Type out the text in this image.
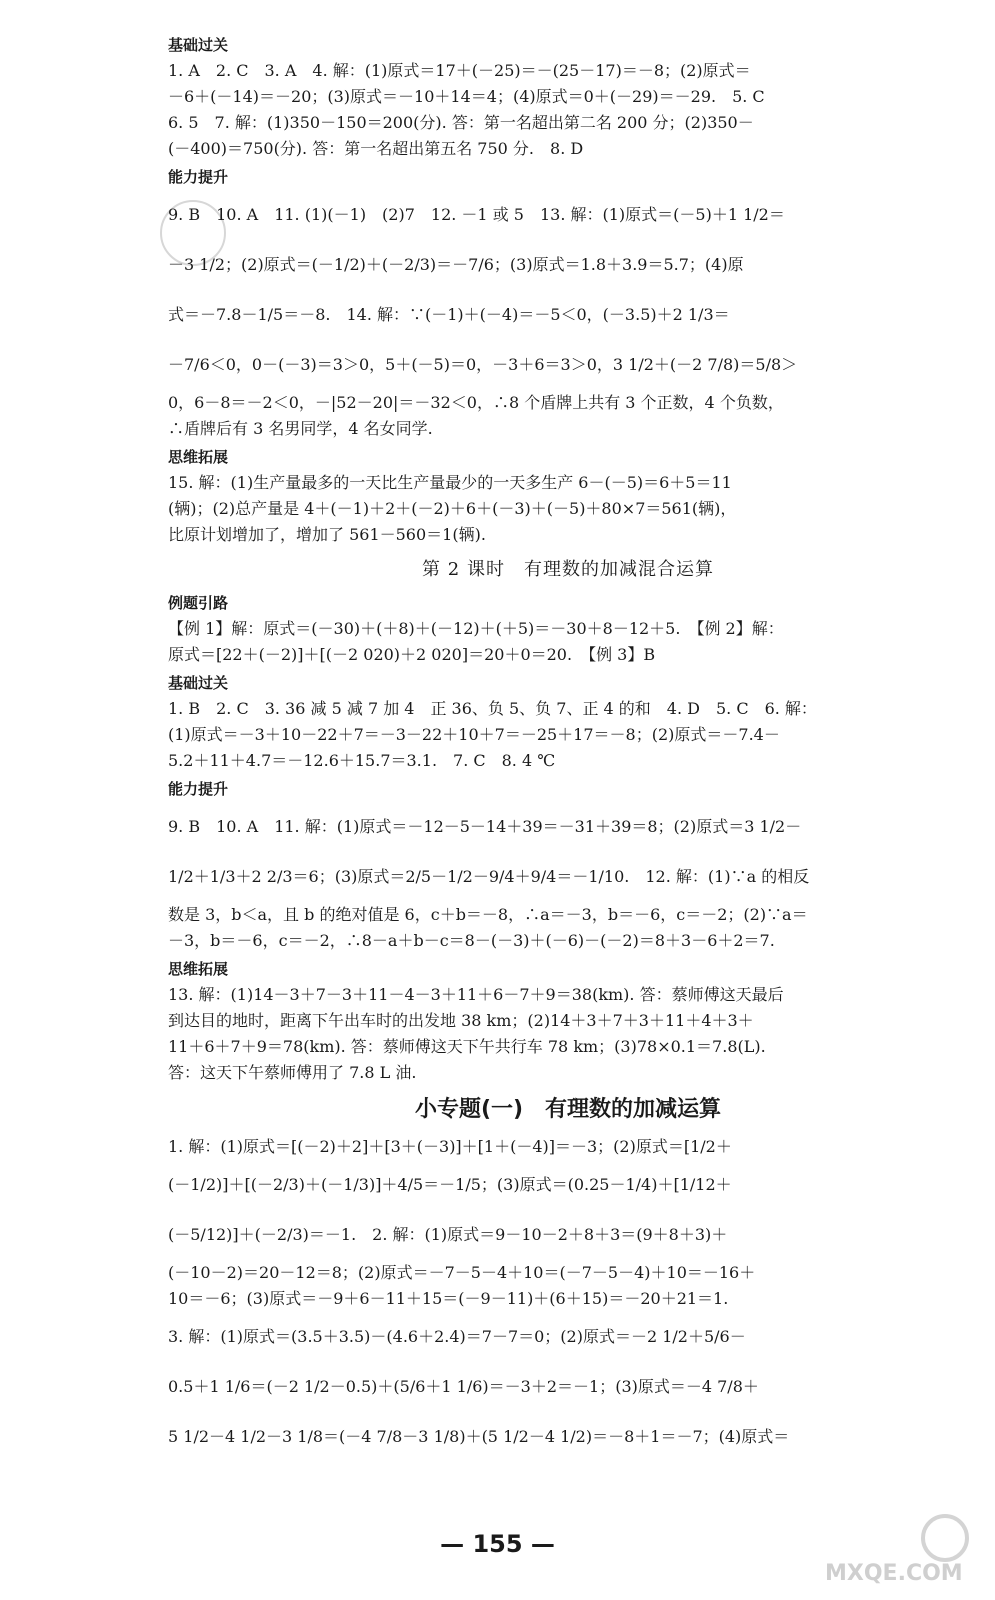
基础过关

1. A　2. C　3. A　4. 解：(1)原式＝17＋(－25)＝－(25－17)＝－8；(2)原式＝

－6＋(－14)＝－20；(3)原式＝－10＋14＝4；(4)原式＝0＋(－29)＝－29.　5. C

6. 5　7. 解：(1)350－150＝200(分). 答：第一名超出第二名 200 分；(2)350－

(－400)＝750(分). 答：第一名超出第五名 750 分.　8. D

能力提升

9. B　10. A　11. (1)(－1)　(2)7　12. －1 或 5　13. 解：(1)原式＝(－5)＋1 1/2＝

－3 1/2；(2)原式＝(－1/2)＋(－2/3)＝－7/6；(3)原式＝1.8＋3.9＝5.7；(4)原

式＝－7.8－1/5＝－8.　14. 解：∵(－1)＋(－4)＝－5＜0，(－3.5)＋2 1/3＝

－7/6＜0，0－(－3)＝3＞0，5＋(－5)＝0，－3＋6＝3＞0，3 1/2＋(－2 7/8)＝5/8＞

0，6－8＝－2＜0，－|52－20|＝－32＜0，∴8 个盾牌上共有 3 个正数，4 个负数，

∴盾牌后有 3 名男同学，4 名女同学.

思维拓展

15. 解：(1)生产量最多的一天比生产量最少的一天多生产 6－(－5)＝6＋5＝11

(辆)；(2)总产量是 4＋(－1)＋2＋(－2)＋6＋(－3)＋(－5)＋80×7＝561(辆)，

比原计划增加了，增加了 561－560＝1(辆).

第 2 课时　有理数的加减混合运算
例题引路

【例 1】解：原式＝(－30)＋(＋8)＋(－12)＋(＋5)＝－30＋8－12＋5.　【例 2】解：

原式＝[22＋(－2)]＋[(－2 020)＋2 020]＝20＋0＝20.　【例 3】B

基础过关

1. B　2. C　3. 36 减 5 减 7 加 4　正 36、负 5、负 7、正 4 的和　4. D　5. C　6. 解：

(1)原式＝－3＋10－22＋7＝－3－22＋10＋7＝－25＋17＝－8；(2)原式＝－7.4－

5.2＋11＋4.7＝－12.6＋15.7＝3.1.　7. C　8. 4 ℃

能力提升

9. B　10. A　11. 解：(1)原式＝－12－5－14＋39＝－31＋39＝8；(2)原式＝3 1/2－

1/2＋1/3＋2 2/3＝6；(3)原式＝2/5－1/2－9/4＋9/4＝－1/10.　12. 解：(1)∵a 的相反

数是 3，b＜a，且 b 的绝对值是 6，c＋b＝－8，∴a＝－3，b＝－6，c＝－2；(2)∵a＝

－3，b＝－6，c＝－2，∴8－a＋b－c＝8－(－3)＋(－6)－(－2)＝8＋3－6＋2＝7.

思维拓展

13. 解：(1)14－3＋7－3＋11－4－3＋11＋6－7＋9＝38(km). 答：蔡师傅这天最后

到达目的地时，距离下午出车时的出发地 38 km；(2)14＋3＋7＋3＋11＋4＋3＋

11＋6＋7＋9＝78(km). 答：蔡师傅这天下午共行车 78 km；(3)78×0.1＝7.8(L).

答：这天下午蔡师傅用了 7.8 L 油.

小专题(一)　有理数的加减运算

1. 解：(1)原式＝[(－2)＋2]＋[3＋(－3)]＋[1＋(－4)]＝－3；(2)原式＝[1/2＋

(－1/2)]＋[(－2/3)＋(－1/3)]＋4/5＝－1/5；(3)原式＝(0.25－1/4)＋[1/12＋

(－5/12)]＋(－2/3)＝－1.　2. 解：(1)原式＝9－10－2＋8＋3＝(9＋8＋3)＋

(－10－2)＝20－12＝8；(2)原式＝－7－5－4＋10＝(－7－5－4)＋10＝－16＋

10＝－6；(3)原式＝－9＋6－11＋15＝(－9－11)＋(6＋15)＝－20＋21＝1.

3. 解：(1)原式＝(3.5＋3.5)－(4.6＋2.4)＝7－7＝0；(2)原式＝－2 1/2＋5/6－

0.5＋1 1/6＝(－2 1/2－0.5)＋(5/6＋1 1/6)＝－3＋2＝－1；(3)原式＝－4 7/8＋

5 1/2－4 1/2－3 1/8＝(－4 7/8－3 1/8)＋(5 1/2－4 1/2)＝－8＋1＝－7；(4)原式＝

— 155 —
MXQE.COM
